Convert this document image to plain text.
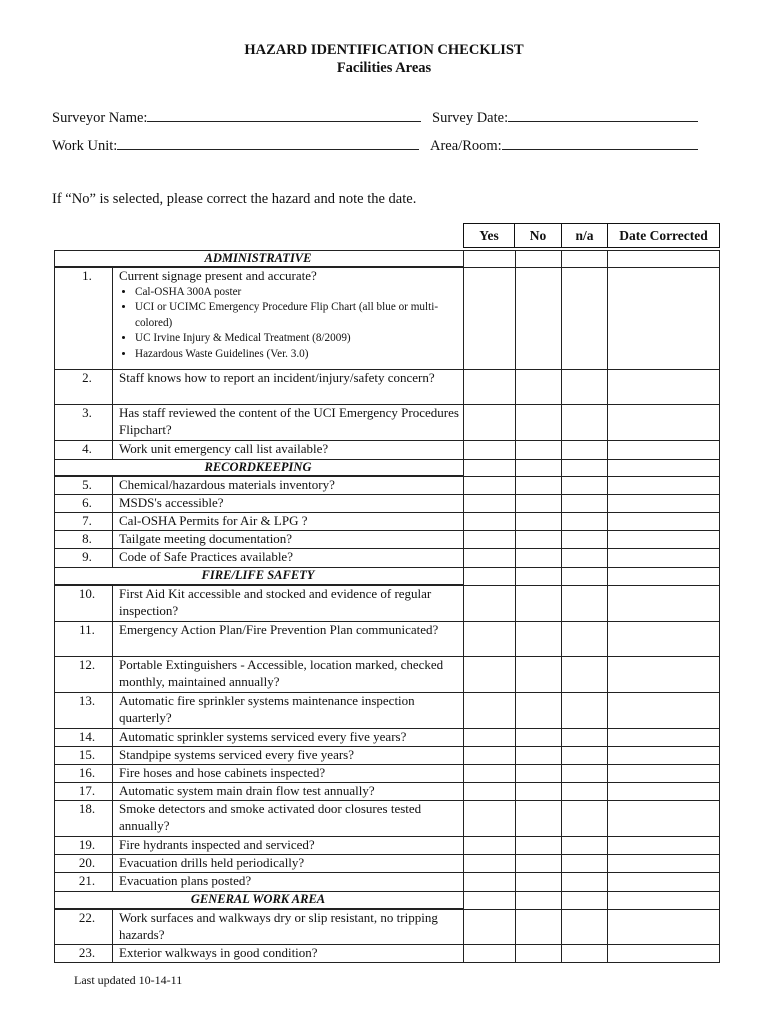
HAZARD IDENTIFICATION CHECKLIST
Facilities Areas
Surveyor Name:	Survey Date:
Work Unit:	Area/Room:
If “No” is selected, please correct the hazard and note the date.
Yes	No	n/a	Date Corrected
ADMINISTRATIVE
1.	Current signage present and accurate?
• Cal-OSHA 300A poster
• UCI or UCIMC Emergency Procedure Flip Chart (all blue or multi-colored)
• UC Irvine Injury & Medical Treatment (8/2009)
• Hazardous Waste Guidelines (Ver. 3.0)
2.	Staff knows how to report an incident/injury/safety concern?
3.	Has staff reviewed the content of the UCI Emergency Procedures Flipchart?
4.	Work unit emergency call list available?
RECORDKEEPING
5.	Chemical/hazardous materials inventory?
6.	MSDS's accessible?
7.	Cal-OSHA Permits for Air & LPG ?
8.	Tailgate meeting documentation?
9.	Code of Safe Practices available?
FIRE/LIFE SAFETY
10.	First Aid Kit accessible and stocked and evidence of regular inspection?
11.	Emergency Action Plan/Fire Prevention Plan communicated?
12.	Portable Extinguishers - Accessible, location marked, checked monthly, maintained annually?
13.	Automatic fire sprinkler systems maintenance inspection quarterly?
14.	Automatic sprinkler systems serviced every five years?
15.	Standpipe systems serviced every five years?
16.	Fire hoses and hose cabinets inspected?
17.	Automatic system main drain flow test annually?
18.	Smoke detectors and smoke activated door closures tested annually?
19.	Fire hydrants inspected and serviced?
20.	Evacuation drills held periodically?
21.	Evacuation plans posted?
GENERAL WORK AREA
22.	Work surfaces and walkways dry or slip resistant, no tripping hazards?
23.	Exterior walkways in good condition?
Last updated 10-14-11
